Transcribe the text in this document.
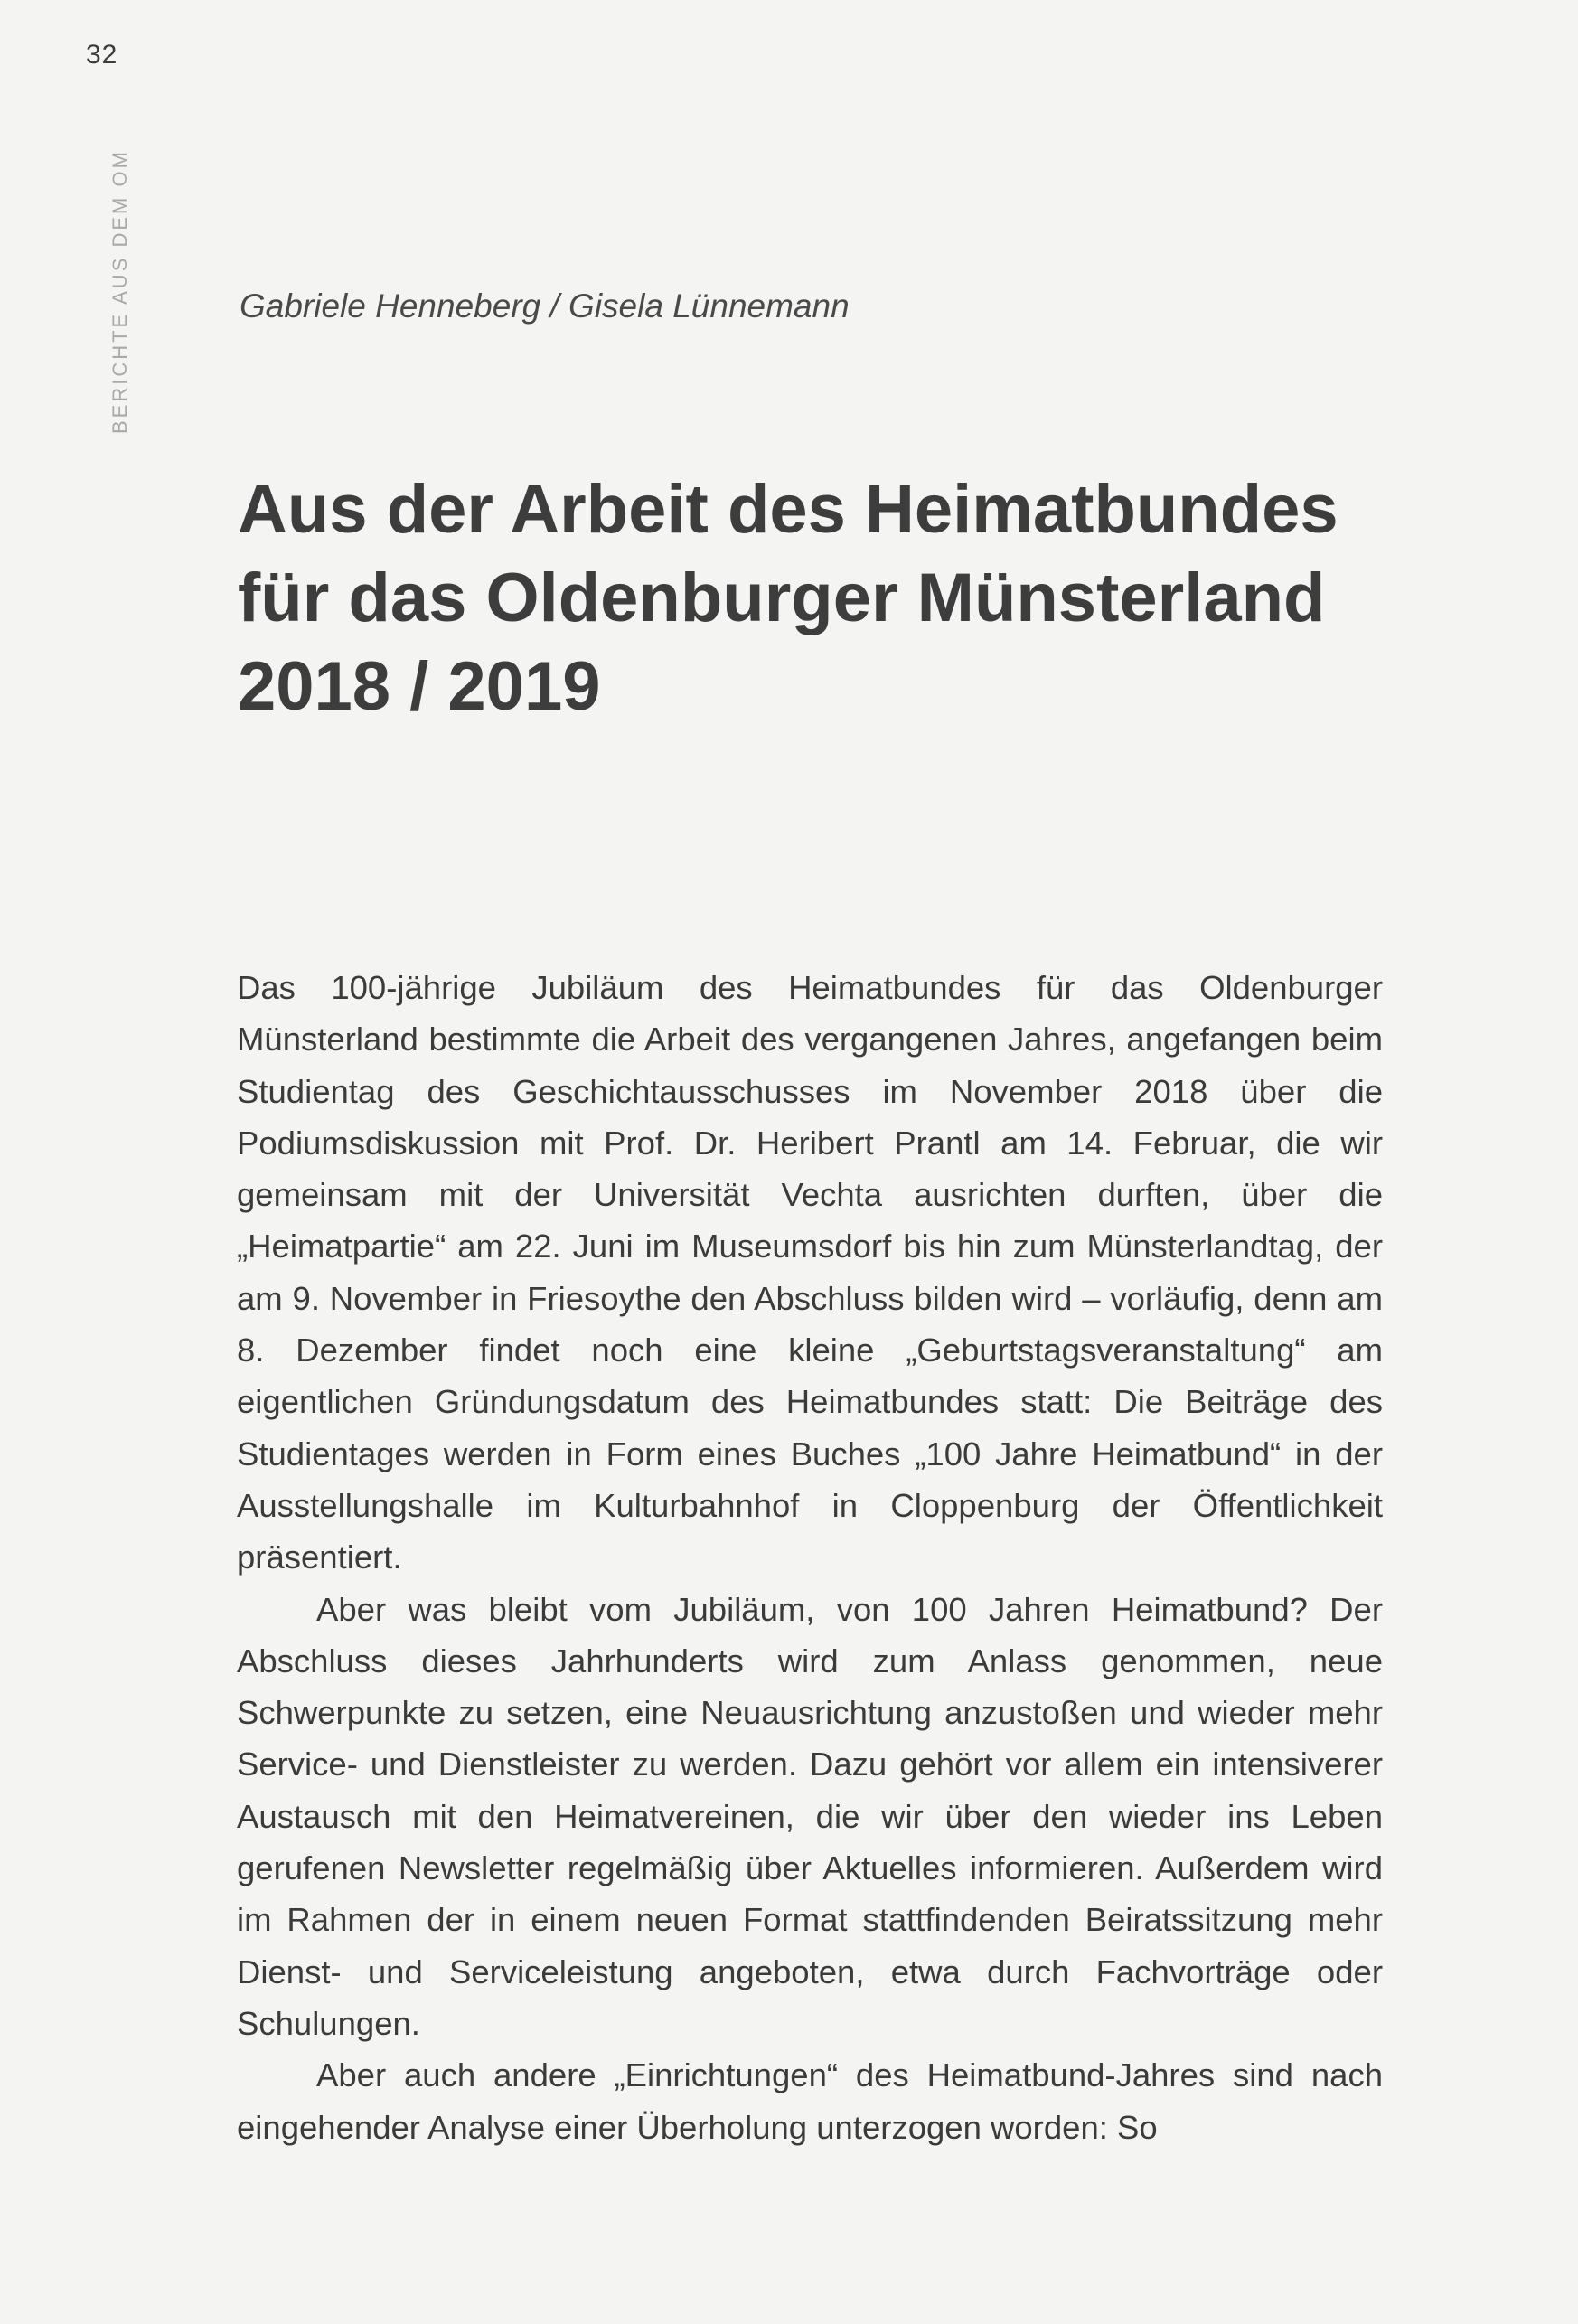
32
BERICHTE AUS DEM OM	Gabriele Henneberg / Gisela Lünnemann
Aus der Arbeit des Heimatbundes
für das Oldenburger Münsterland
2018 / 2019

Das 100-jährige Jubiläum des Heimatbundes für das Oldenburger Münsterland bestimmte die Arbeit des vergangenen Jahres, angefangen beim Studientag des Geschichtausschusses im November 2018 über die Podiumsdiskussion mit Prof. Dr. Heribert Prantl am 14. Februar, die wir gemeinsam mit der Universität Vechta ausrichten durften, über die „Heimatpartie“ am 22. Juni im Museumsdorf bis hin zum Münsterlandtag, der am 9. November in Friesoythe den Abschluss bilden wird – vorläufig, denn am 8. Dezember findet noch eine kleine „Geburtstagsveranstaltung“ am eigentlichen Gründungsdatum des Heimatbundes statt: Die Beiträge des Studientages werden in Form eines Buches „100 Jahre Heimatbund“ in der Ausstellungshalle im Kulturbahnhof in Cloppenburg der Öffentlichkeit präsentiert.

Aber was bleibt vom Jubiläum, von 100 Jahren Heimatbund? Der Abschluss dieses Jahrhunderts wird zum Anlass genommen, neue Schwerpunkte zu setzen, eine Neuausrichtung anzustoßen und wieder mehr Service- und Dienstleister zu werden. Dazu gehört vor allem ein intensiverer Austausch mit den Heimatvereinen, die wir über den wieder ins Leben gerufenen Newsletter regelmäßig über Aktuelles informieren. Außerdem wird im Rahmen der in einem neuen Format stattfindenden Beiratssitzung mehr Dienst- und Serviceleistung angeboten, etwa durch Fachvorträge oder Schulungen.

Aber auch andere „Einrichtungen“ des Heimatbund-Jahres sind nach eingehender Analyse einer Überholung unterzogen worden: So
